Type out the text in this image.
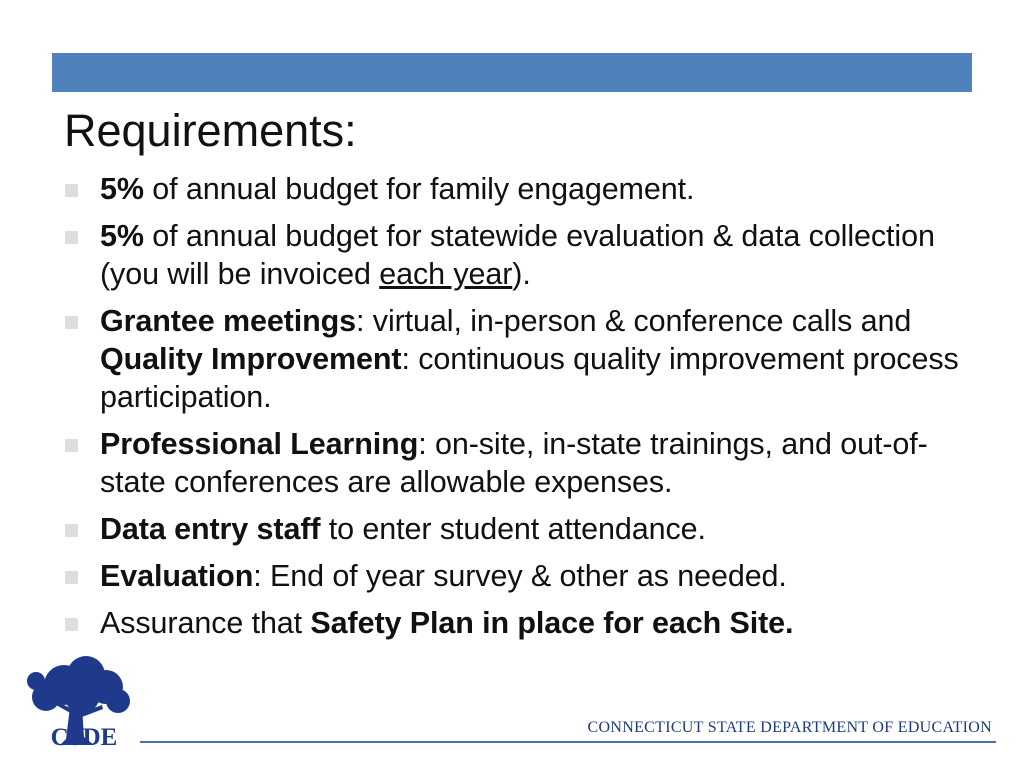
Requirements:
5% of annual budget for family engagement.
5% of annual budget for statewide evaluation & data collection (you will be invoiced each year).
Grantee meetings: virtual, in-person & conference calls and Quality Improvement: continuous quality improvement process participation.
Professional Learning: on-site, in-state trainings, and out-of-state conferences are allowable expenses.
Data entry staff to enter student attendance.
Evaluation: End of year survey & other as needed.
Assurance that Safety Plan in place for each Site.
CSDE	CONNECTICUT STATE DEPARTMENT OF EDUCATION
